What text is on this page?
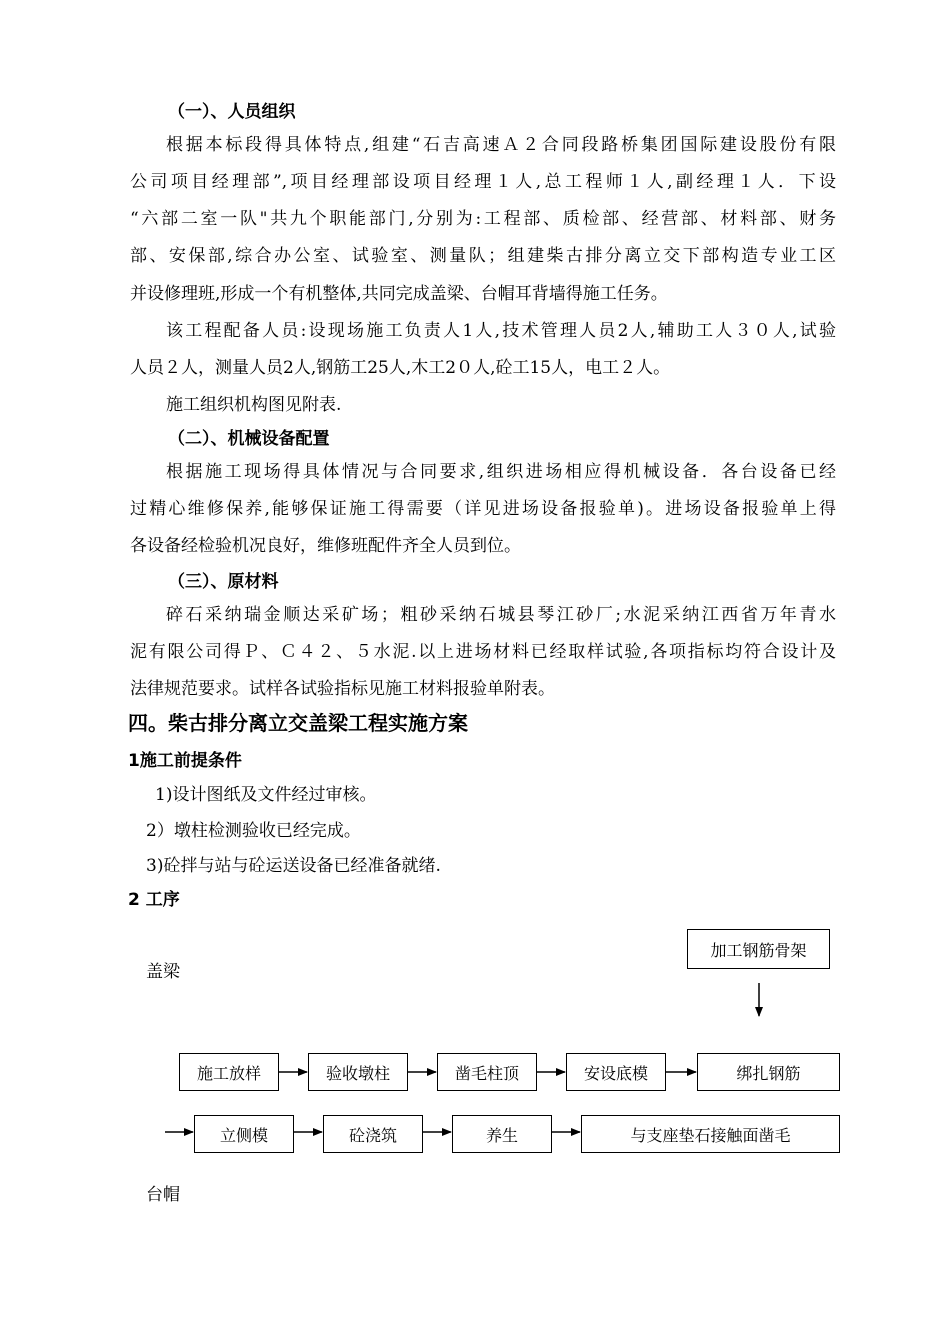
（一）、人员组织
根据本标段得具体特点,组建“石吉高速Ａ２合同段路桥集团国际建设股份有限
公司项目经理部”,项目经理部设项目经理１人,总工程师１人,副经理１人．下设
“六部二室一队"共九个职能部门,分别为:工程部、质检部、经营部、材料部、财务
部、安保部,综合办公室、试验室、测量队；组建柴古排分离立交下部构造专业工区
并设修理班,形成一个有机整体,共同完成盖梁、台帽耳背墙得施工任务。
该工程配备人员:设现场施工负责人1人,技术管理人员2人,辅助工人３０人,试验
人员２人，测量人员2人,钢筋工25人,木工2０人,砼工15人，电工２人。
施工组织机构图见附表.
（二）、机械设备配置
根据施工现场得具体情况与合同要求,组织进场相应得机械设备．各台设备已经
过精心维修保养,能够保证施工得需要（详见进场设备报验单)。进场设备报验单上得
各设备经检验机况良好，维修班配件齐全人员到位。
（三）、原材料
碎石采纳瑞金顺达采矿场；粗砂采纳石城县琴江砂厂;水泥采纳江西省万年青水
泥有限公司得Ｐ、Ｃ４２、５水泥.以上进场材料已经取样试验,各项指标均符合设计及
法律规范要求。试样各试验指标见施工材料报验单附表。
四。柴古排分离立交盖梁工程实施方案
1施工前提条件
1)设计图纸及文件经过审核。
2）墩柱检测验收已经完成。
3)砼拌与站与砼运送设备已经准备就绪.
2 工序
盖梁
台帽
加工钢筋骨架
施工放样	验收墩柱	凿毛柱顶	安设底模	绑扎钢筋
立侧模	砼浇筑	养生	与支座垫石接触面凿毛
